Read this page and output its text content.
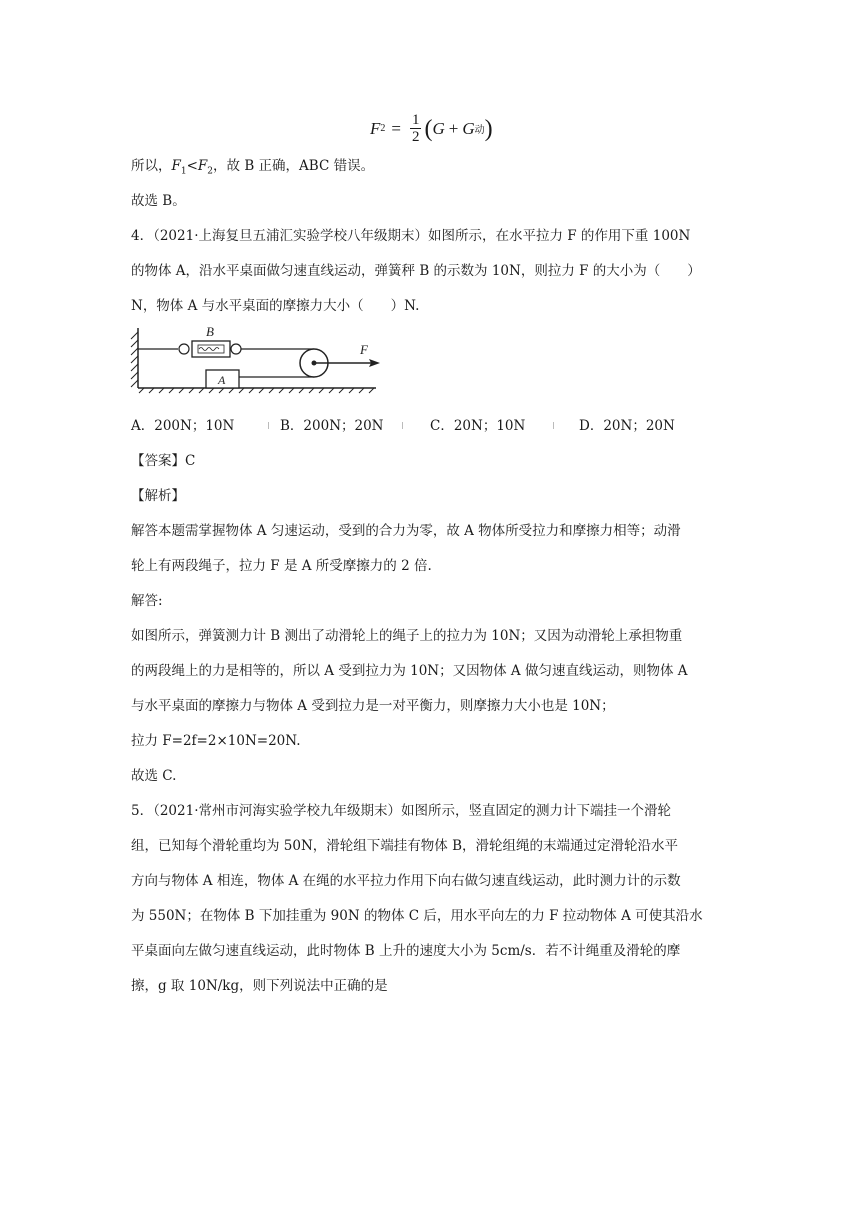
F $2 = \frac{1}{2}$ ( G + G 动 )
所以，$F_1<F_2$，故 B 正确，ABC 错误。
故选 B。
4．（2021·上海复旦五浦汇实验学校八年级期末）如图所示，在水平拉力 F 的作用下重 100N
的物体 A，沿水平桌面做匀速直线运动，弹簧秤 B 的示数为 10N，则拉力 F 的大小为（　　）
N，物体 A 与水平桌面的摩擦力大小（　　）N.
B
A
F
A．200N；10N	B．200N；20N	C．20N；10N	D．20N；20N
【答案】C
【解析】
解答本题需掌握物体 A 匀速运动，受到的合力为零，故 A 物体所受拉力和摩擦力相等；动滑
轮上有两段绳子，拉力 F 是 A 所受摩擦力的 2 倍.
解答:
如图所示，弹簧测力计 B 测出了动滑轮上的绳子上的拉力为 10N；又因为动滑轮上承担物重
的两段绳上的力是相等的，所以 A 受到拉力为 10N；又因物体 A 做匀速直线运动，则物体 A
与水平桌面的摩擦力与物体 A 受到拉力是一对平衡力，则摩擦力大小也是 10N；
拉力 F=2f=2×10N=20N.
故选 C.
5．（2021·常州市河海实验学校九年级期末）如图所示，竖直固定的测力计下端挂一个滑轮
组，已知每个滑轮重均为 50N，滑轮组下端挂有物体 B，滑轮组绳的末端通过定滑轮沿水平
方向与物体 A 相连，物体 A 在绳的水平拉力作用下向右做匀速直线运动，此时测力计的示数
为 550N；在物体 B 下加挂重为 90N 的物体 C 后，用水平向左的力 F 拉动物体 A 可使其沿水
平桌面向左做匀速直线运动，此时物体 B 上升的速度大小为 5cm/s．若不计绳重及滑轮的摩
擦，g 取 10N/kg，则下列说法中正确的是
